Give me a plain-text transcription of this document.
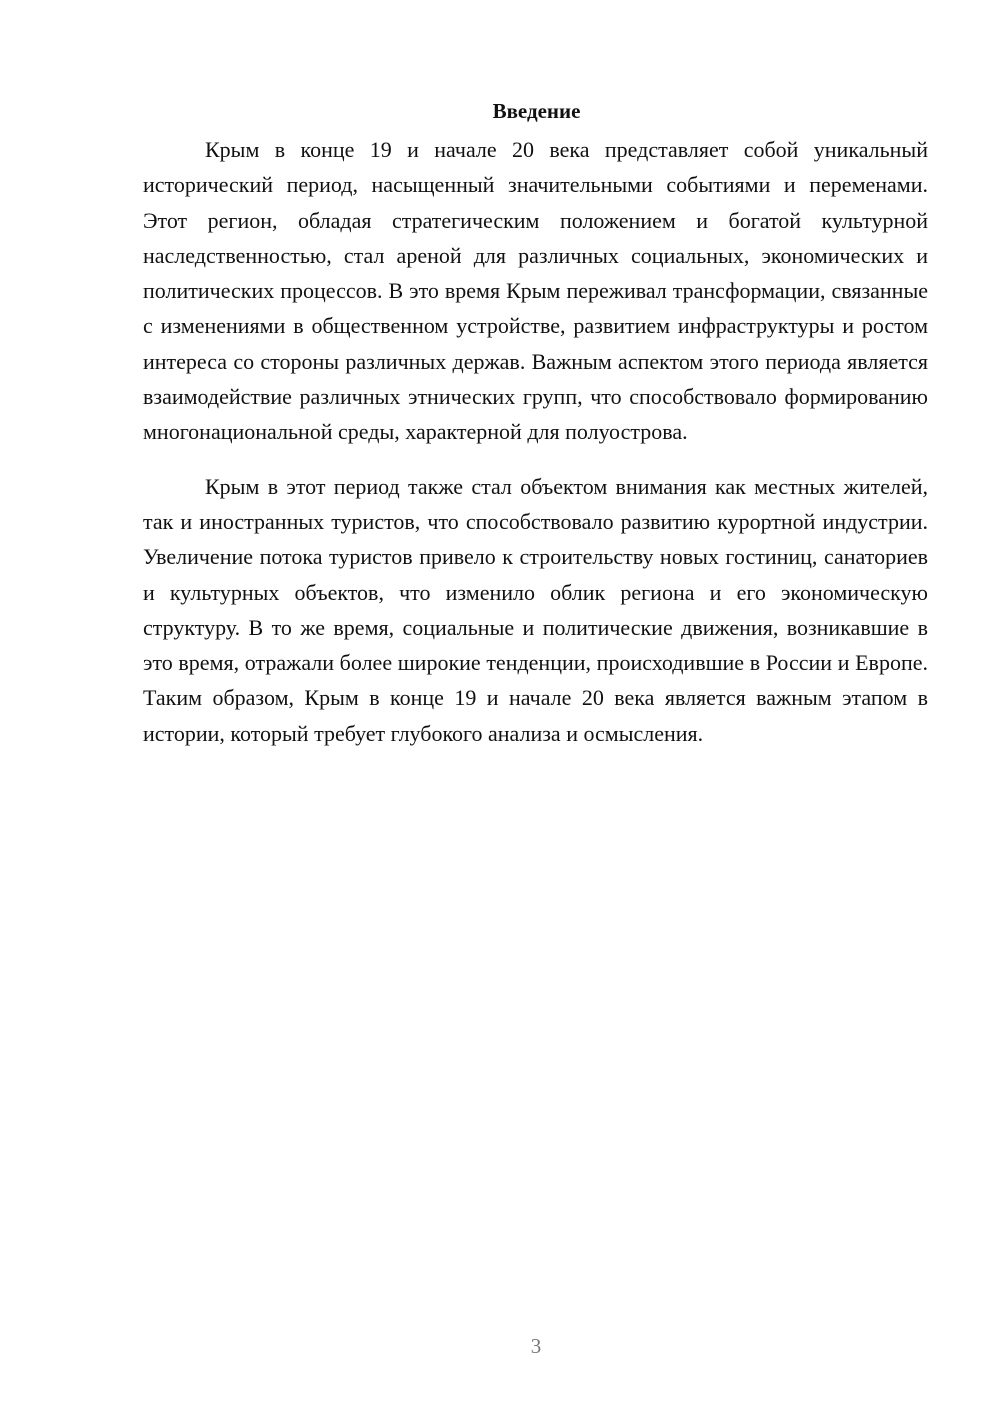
Введение

Крым в конце 19 и начале 20 века представляет собой уникальный исторический период, насыщенный значительными событиями и переменами. Этот регион, обладая стратегическим положением и богатой культурной наследственностью, стал ареной для различных социальных, экономических и политических процессов. В это время Крым переживал трансформации, связанные с изменениями в общественном устройстве, развитием инфраструктуры и ростом интереса со стороны различных держав. Важным аспектом этого периода является взаимодействие различных этнических групп, что способствовало формированию многонациональной среды, характерной для полуострова.

Крым в этот период также стал объектом внимания как местных жителей, так и иностранных туристов, что способствовало развитию курортной индустрии. Увеличение потока туристов привело к строительству новых гостиниц, санаториев и культурных объектов, что изменило облик региона и его экономическую структуру. В то же время, социальные и политические движения, возникавшие в это время, отражали более широкие тенденции, происходившие в России и Европе. Таким образом, Крым в конце 19 и начале 20 века является важным этапом в истории, который требует глубокого анализа и осмысления.

3
